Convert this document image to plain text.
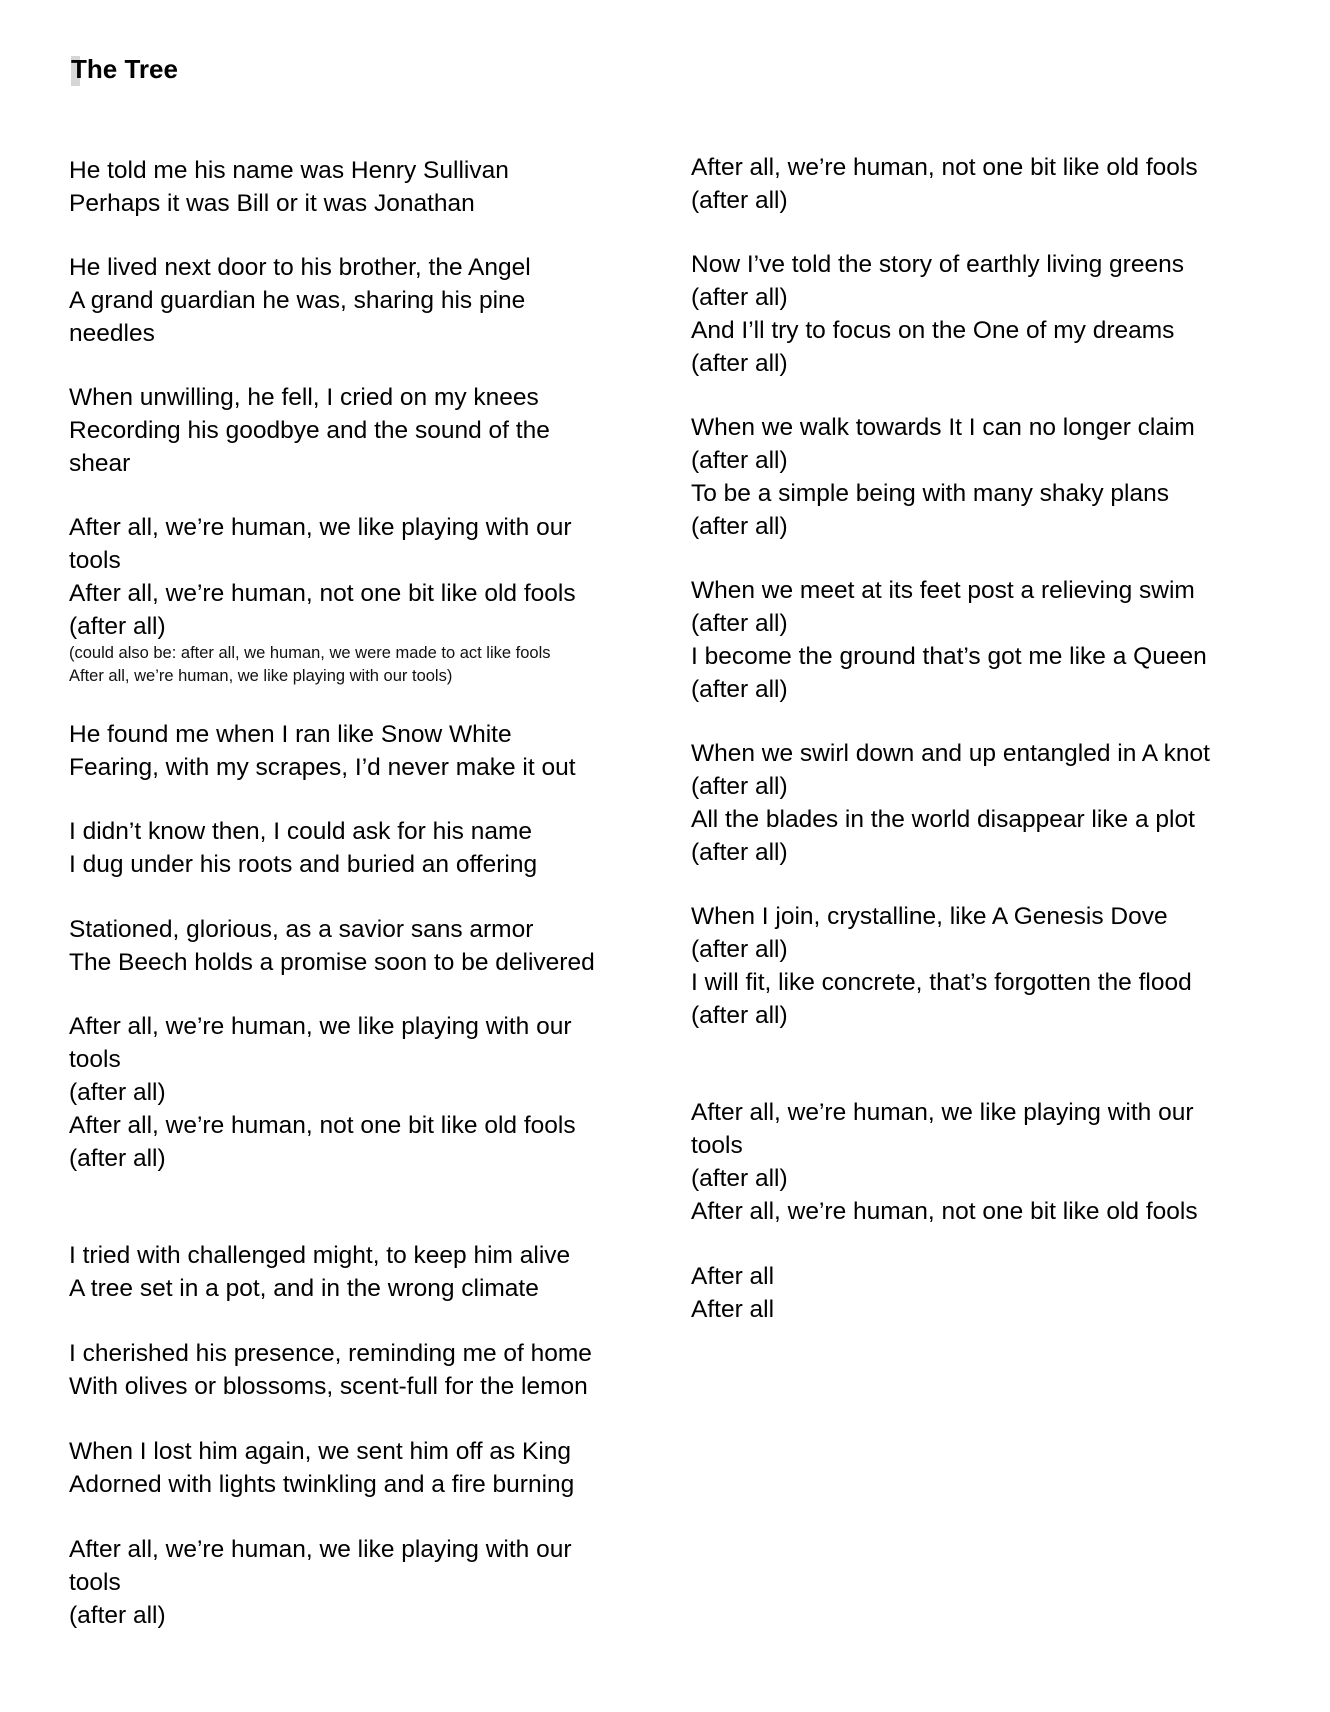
The Tree
He told me his name was Henry Sullivan
Perhaps it was Bill or it was Jonathan
He lived next door to his brother, the Angel
A grand guardian he was, sharing his pine
needles
When unwilling, he fell, I cried on my knees
Recording his goodbye and the sound of the
shear
After all, we’re human, we like playing with our
tools
After all, we’re human, not one bit like old fools
(after all)
(could also be: after all, we human, we were made to act like fools
After all, we’re human, we like playing with our tools)
He found me when I ran like Snow White
Fearing, with my scrapes, I’d never make it out
I didn’t know then, I could ask for his name
I dug under his roots and buried an offering
Stationed, glorious, as a savior sans armor
The Beech holds a promise soon to be delivered
After all, we’re human, we like playing with our
tools
(after all)
After all, we’re human, not one bit like old fools
(after all)
I tried with challenged might, to keep him alive
A tree set in a pot, and in the wrong climate
I cherished his presence, reminding me of home
With olives or blossoms, scent-full for the lemon
When I lost him again, we sent him off as King
Adorned with lights twinkling and a fire burning
After all, we’re human, we like playing with our
tools
(after all)
After all, we’re human, not one bit like old fools
(after all)
Now I’ve told the story of earthly living greens
(after all)
And I’ll try to focus on the One of my dreams
(after all)
When we walk towards It I can no longer claim
(after all)
To be a simple being with many shaky plans
(after all)
When we meet at its feet post a relieving swim
(after all)
I become the ground that’s got me like a Queen
(after all)
When we swirl down and up entangled in A knot
(after all)
All the blades in the world disappear like a plot
(after all)
When I join, crystalline, like A Genesis Dove
(after all)
I will fit, like concrete, that’s forgotten the flood
(after all)
After all, we’re human, we like playing with our
tools
(after all)
After all, we’re human, not one bit like old fools
After all
After all
